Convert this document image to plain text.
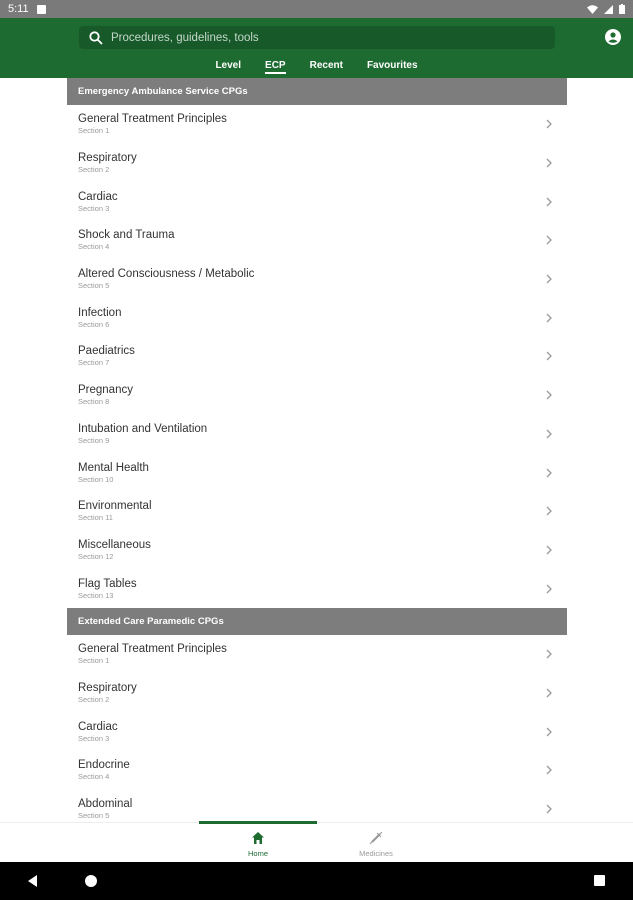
5:11
Procedures, guidelines, tools
Level ECP Recent Favourites
Emergency Ambulance Service CPGs
General Treatment Principles
Section 1
Respiratory
Section 2
Cardiac
Section 3
Shock and Trauma
Section 4
Altered Consciousness / Metabolic
Section 5
Infection
Section 6
Paediatrics
Section 7
Pregnancy
Section 8
Intubation and Ventilation
Section 9
Mental Health
Section 10
Environmental
Section 11
Miscellaneous
Section 12
Flag Tables
Section 13
Extended Care Paramedic CPGs
General Treatment Principles
Section 1
Respiratory
Section 2
Cardiac
Section 3
Endocrine
Section 4
Abdominal
Section 5
Home	Medicines
